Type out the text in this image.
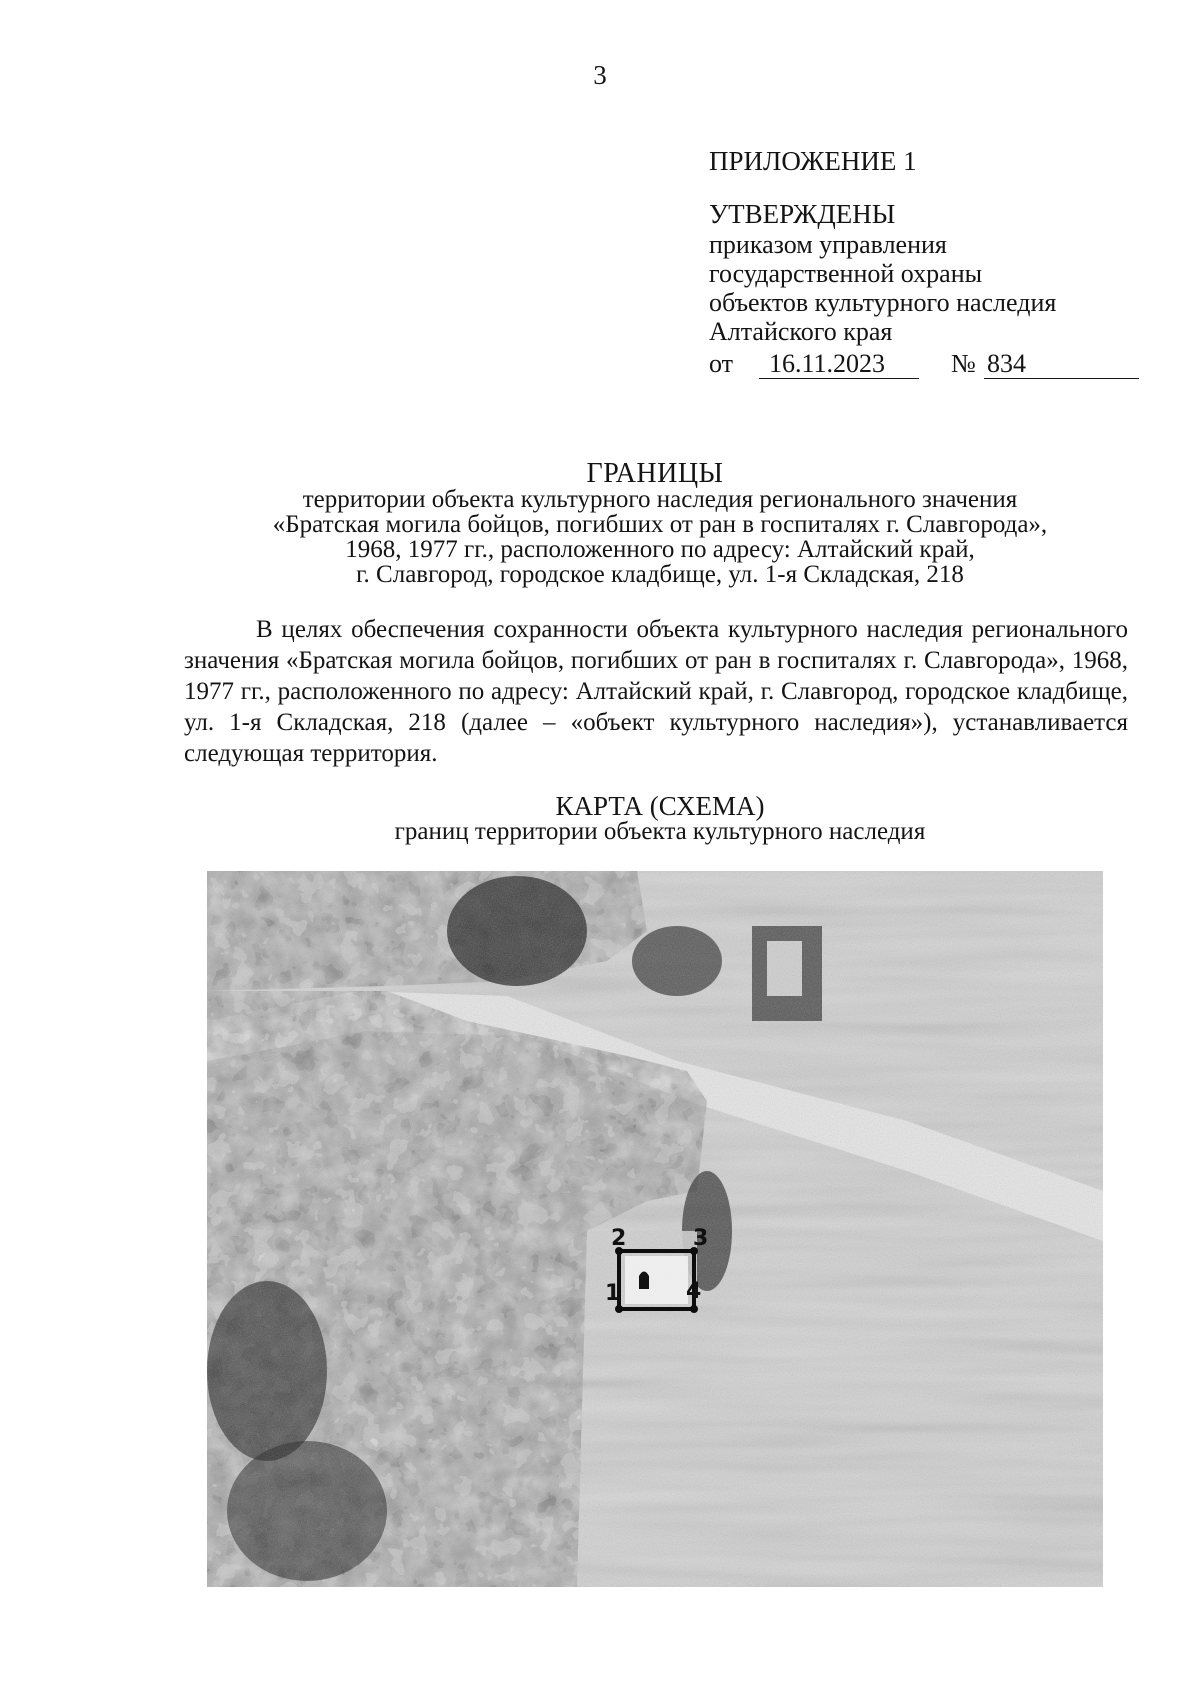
3
ПРИЛОЖЕНИЕ 1
УТВЕРЖДЕНЫ
приказом управления
государственной охраны
объектов культурного наследия
Алтайского края
от 16.11.2023	№ 834
ГРАНИЦЫ
территории объекта культурного наследия регионального значения
«Братская могила бойцов, погибших от ран в госпиталях г. Славгорода»,
1968, 1977 гг., расположенного по адресу: Алтайский край,
г. Славгород, городское кладбище, ул. 1-я Складская, 218
В целях обеспечения сохранности объекта культурного наследия регионального значения «Братская могила бойцов, погибших от ран в госпиталях г. Славгорода», 1968, 1977 гг., расположенного по адресу: Алтайский край, г. Славгород, городское кладбище, ул. 1-я Складская, 218 (далее – «объект культурного наследия»), устанавливается следующая территория.
КАРТА (СХЕМА)
границ территории объекта культурного наследия
1
2	3
4
